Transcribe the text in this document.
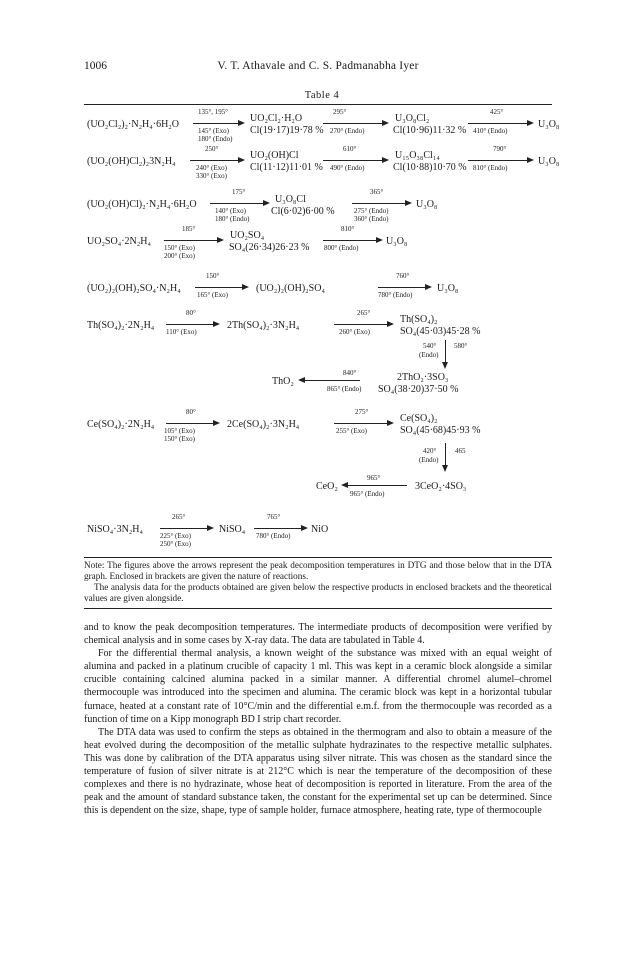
1006	V. T. Athavale and C. S. Padmanabha Iyer
Table 4
(UO₂Cl₂)₂·N₂H₄·6H₂O
135°, 195°
145° (Exo)
180° (Endo)
UO₂Cl₂·H₂O
Cl(19·17)19·78 %
295°
270° (Endo)
U₃O₈Cl₂
Cl(10·96)11·32 %
425°
410° (Endo)
U₃O₈
(UO₂(OH)Cl₂)₂3N₂H₄
250°
240° (Exo)
330° (Exo)
UO₂(OH)Cl
Cl(11·12)11·01 %
610°
490° (Endo)
U₁₅O₃₈Cl₁₄
Cl(10·88)10·70 %
790°
810° (Endo)
U₃O₈
(UO₂(OH)Cl)₂·N₂H₄·6H₂O
175°
140° (Exo)
180° (Endo)
U₃O₈Cl
Cl(6·02)6·00 %
365°
275° (Endo)
360° (Endo)
U₃O₈
UO₂SO₄·2N₂H₄
185°
150° (Exo)
200° (Exo)
UO₂SO₄
SO₄(26·34)26·23 %
810°
800° (Endo)
U₃O₈
(UO₂)₂(OH)₂SO₄·N₂H₄
150°
165° (Exo)
(UO₂)₂(OH)₂SO₄
760°
780° (Endo)
U₃O₈
Th(SO₄)₂·2N₂H₄
80°
110° (Exo)
2Th(SO₄)₂·3N₂H₄
265°
260° (Exo)
Th(SO₄)₂
SO₄(45·03)45·28 %
540°
(Endo)
580°
ThO₂
840°
865° (Endo)
2ThO₂·3SO₃
SO₄(38·20)37·50 %
Ce(SO₄)₂·2N₂H₄
80°
105° (Exo)
150° (Exo)
2Ce(SO₄)₂·3N₂H₄
275°
255° (Exo)
Ce(SO₄)₂
SO₄(45·68)45·93 %
420°
(Endo)
465
CeO₂
965°
965° (Endo)
3CeO₂·4SO₃
NiSO₄·3N₂H₄
265°
225° (Exo)
250° (Exo)
NiSO₄
765°
780° (Endo)
NiO
Note: The figures above the arrows represent the peak decomposition temperatures in DTG and those below that in the DTA graph. Enclosed in brackets are given the nature of reactions.
The analysis data for the products obtained are given below the respective products in enclosed brackets and the theoretical values are given alongside.

and to know the peak decomposition temperatures. The intermediate products of decomposition were verified by chemical analysis and in some cases by X-ray data. The data are tabulated in Table 4.

For the differential thermal analysis, a known weight of the substance was mixed with an equal weight of alumina and packed in a platinum crucible of capacity 1 ml. This was kept in a ceramic block alongside a similar crucible containing calcined alumina packed in a similar manner. A differential chromel alumel–chromel thermocouple was introduced into the specimen and alumina. The ceramic block was kept in a horizontal tubular furnace, heated at a constant rate of 10°C/min and the differential e.m.f. from the thermocouple was recorded as a function of time on a Kipp monograph BD I strip chart recorder.

The DTA data was used to confirm the steps as obtained in the thermogram and also to obtain a measure of the heat evolved during the decomposition of the metallic sulphate hydrazinates to the respective metallic sulphates. This was done by calibration of the DTA apparatus using silver nitrate. This was chosen as the standard since the temperature of fusion of silver nitrate is at 212°C which is near the temperature of the decomposition of these complexes and there is no hydrazinate, whose heat of decomposition is reported in literature. From the area of the peak and the amount of standard substance taken, the constant for the experimental set up can be determined. Since this is dependent on the size, shape, type of sample holder, furnace atmosphere, heating rate, type of thermocouple
